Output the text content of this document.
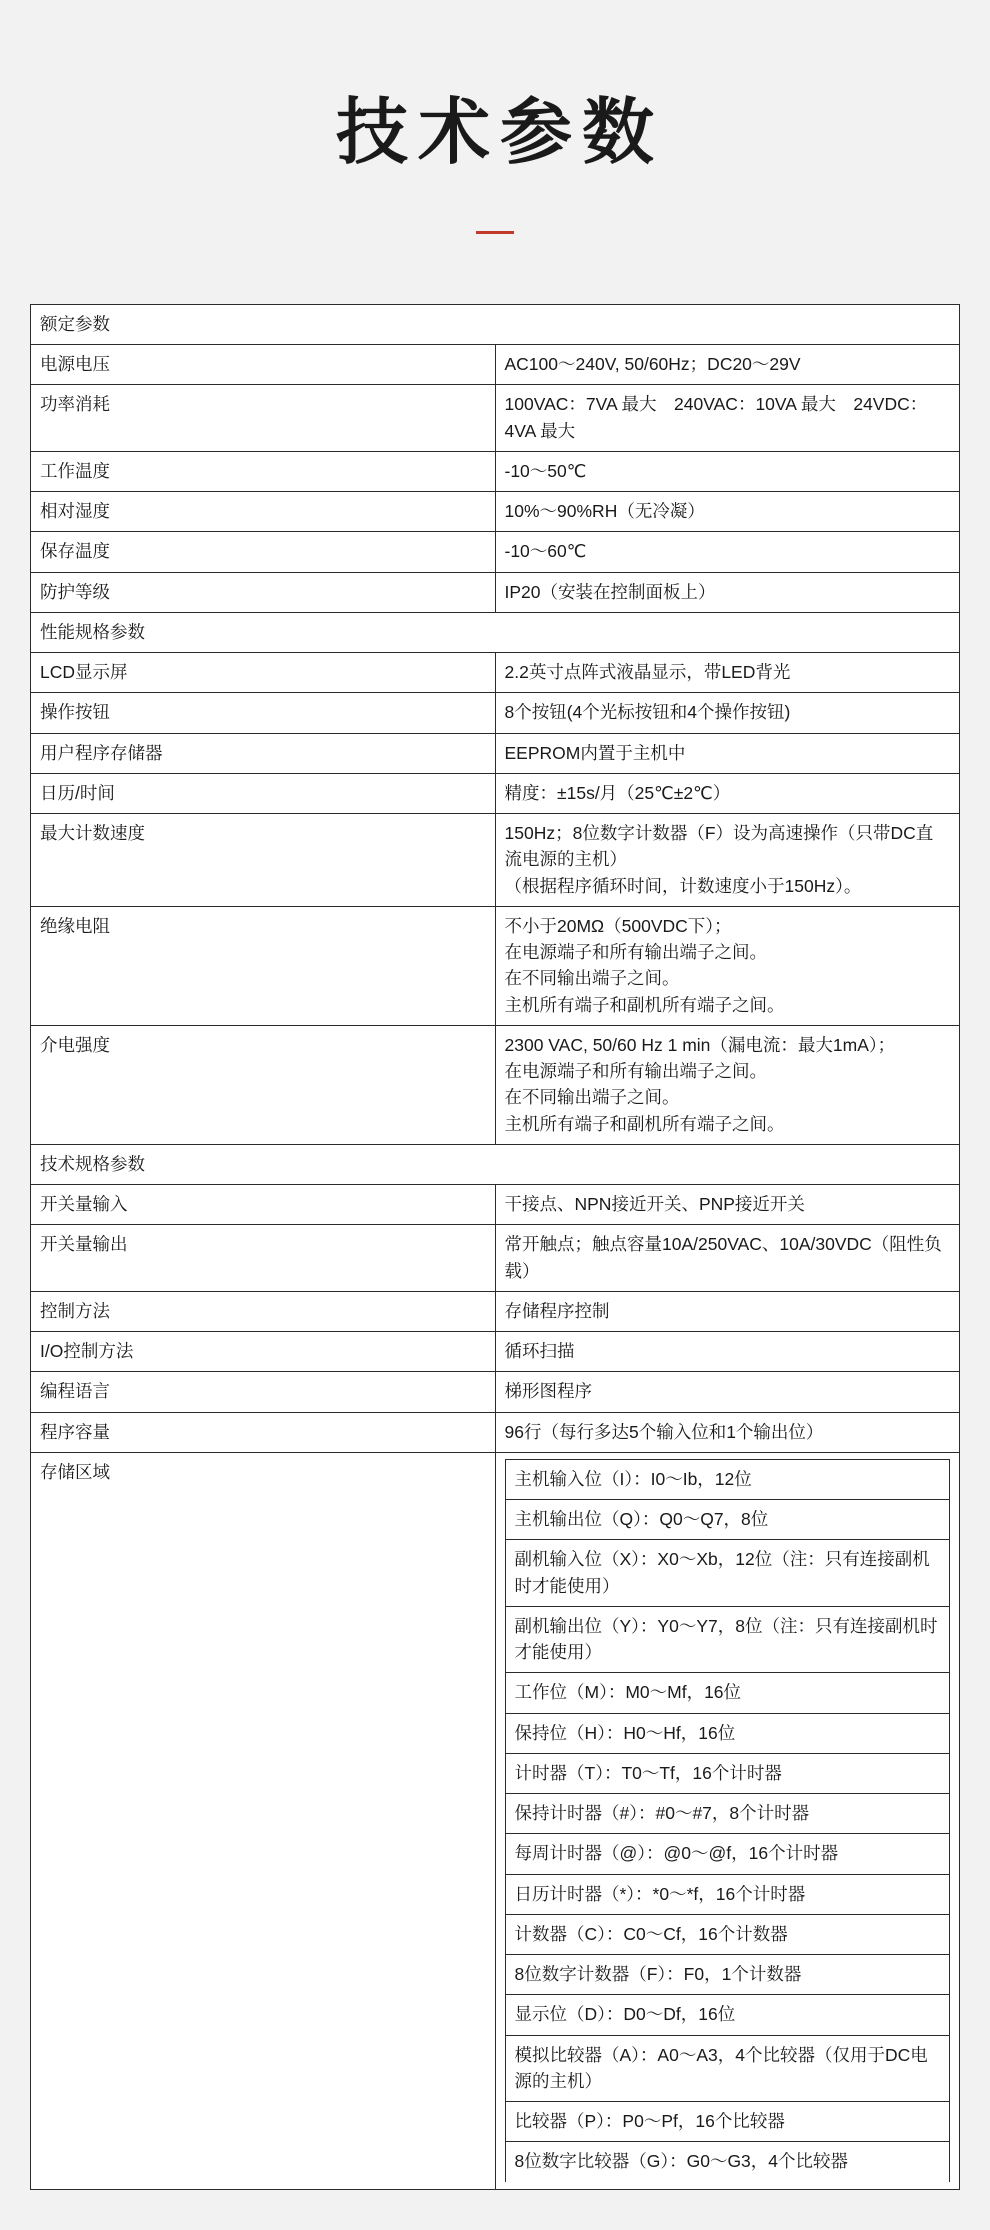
技术参数
额定参数
电源电压	AC100〜240V, 50/60Hz；DC20〜29V

功率消耗	100VAC：7VA 最大　240VAC：10VA 最大　24VDC：4VA 最大

工作温度	-10〜50℃

相对湿度	10%〜90%RH（无冷凝）

保存温度	-10〜60℃

防护等级	IP20（安装在控制面板上）

性能规格参数
LCD显示屏	2.2英寸点阵式液晶显示，带LED背光

操作按钮	8个按钮(4个光标按钮和4个操作按钮)

用户程序存储器	EEPROM内置于主机中

日历/时间	精度：±15s/月（25℃±2℃）

最大计数速度	150Hz；8位数字计数器（F）设为高速操作（只带DC直流电源的主机）
（根据程序循环时间，计数速度小于150Hz）。

绝缘电阻	不小于20MΩ（500VDC下）；
在电源端子和所有输出端子之间。
在不同输出端子之间。
主机所有端子和副机所有端子之间。

介电强度	2300 VAC, 50/60 Hz 1 min（漏电流：最大1mA）；
在电源端子和所有输出端子之间。
在不同输出端子之间。
主机所有端子和副机所有端子之间。

技术规格参数
开关量输入	干接点、NPN接近开关、PNP接近开关

开关量输出	常开触点；触点容量10A/250VAC、10A/30VDC（阻性负载）

控制方法	存储程序控制

I/O控制方法	循环扫描

编程语言	梯形图程序

程序容量	96行（每行多达5个输入位和1个输出位）

存储区域		主机输入位（I）：I0〜Ib，12位
主机输出位（Q）：Q0〜Q7，8位
副机输入位（X）：X0〜Xb，12位（注：只有连接副机时才能使用）
副机输出位（Y）：Y0〜Y7，8位（注：只有连接副机时才能使用）
工作位（M）：M0〜Mf，16位
保持位（H）：H0〜Hf，16位
计时器（T）：T0〜Tf，16个计时器
保持计时器（#）：#0〜#7，8个计时器
每周计时器（@）：@0〜@f，16个计时器
日历计时器（*）：*0〜*f，16个计时器
计数器（C）：C0〜Cf，16个计数器
8位数字计数器（F）：F0，1个计数器
显示位（D）：D0〜Df，16位
模拟比较器（A）：A0〜A3，4个比较器（仅用于DC电源的主机）
比较器（P）：P0〜Pf，16个比较器
8位数字比较器（G）：G0〜G3，4个比较器
